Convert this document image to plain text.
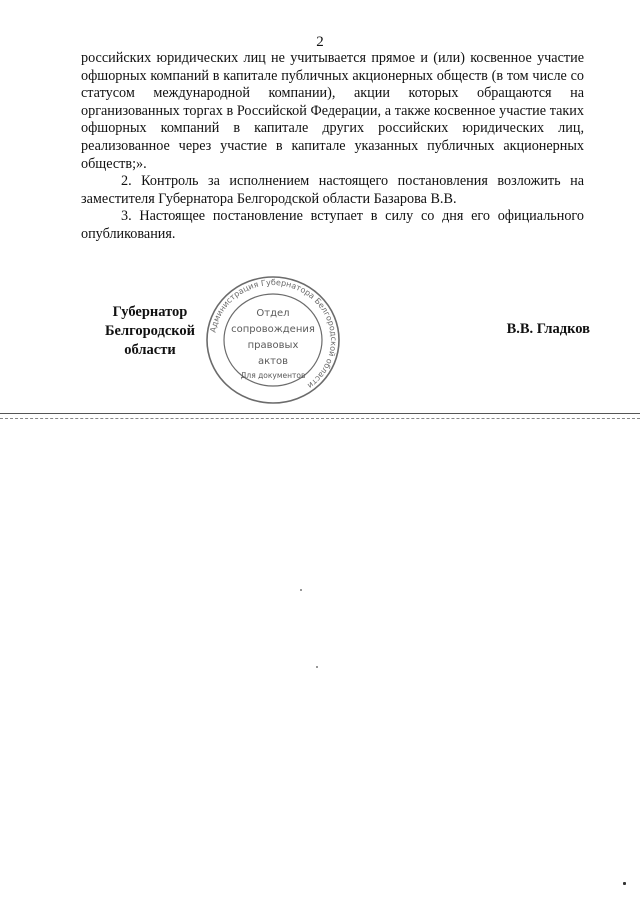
2

российских юридических лиц не учитывается прямое и (или) косвенное участие офшорных компаний в капитале публичных акционерных обществ (в том числе со статусом международной компании), акции которых обращаются на организованных торгах в Российской Федерации, а также косвенное участие таких офшорных компаний в капитале других российских юридических лиц, реализованное через участие в капитале указанных публичных акционерных обществ;».

2. Контроль за исполнением настоящего постановления возложить на заместителя Губернатора Белгородской области Базарова В.В.

3. Настоящее постановление вступает в силу со дня его официального опубликования.

Губернатор
Белгородской области
Администрация Губернатора Белгородской области
Отдел
сопровождения
правовых
актов
Для документов
В.В. Гладков
